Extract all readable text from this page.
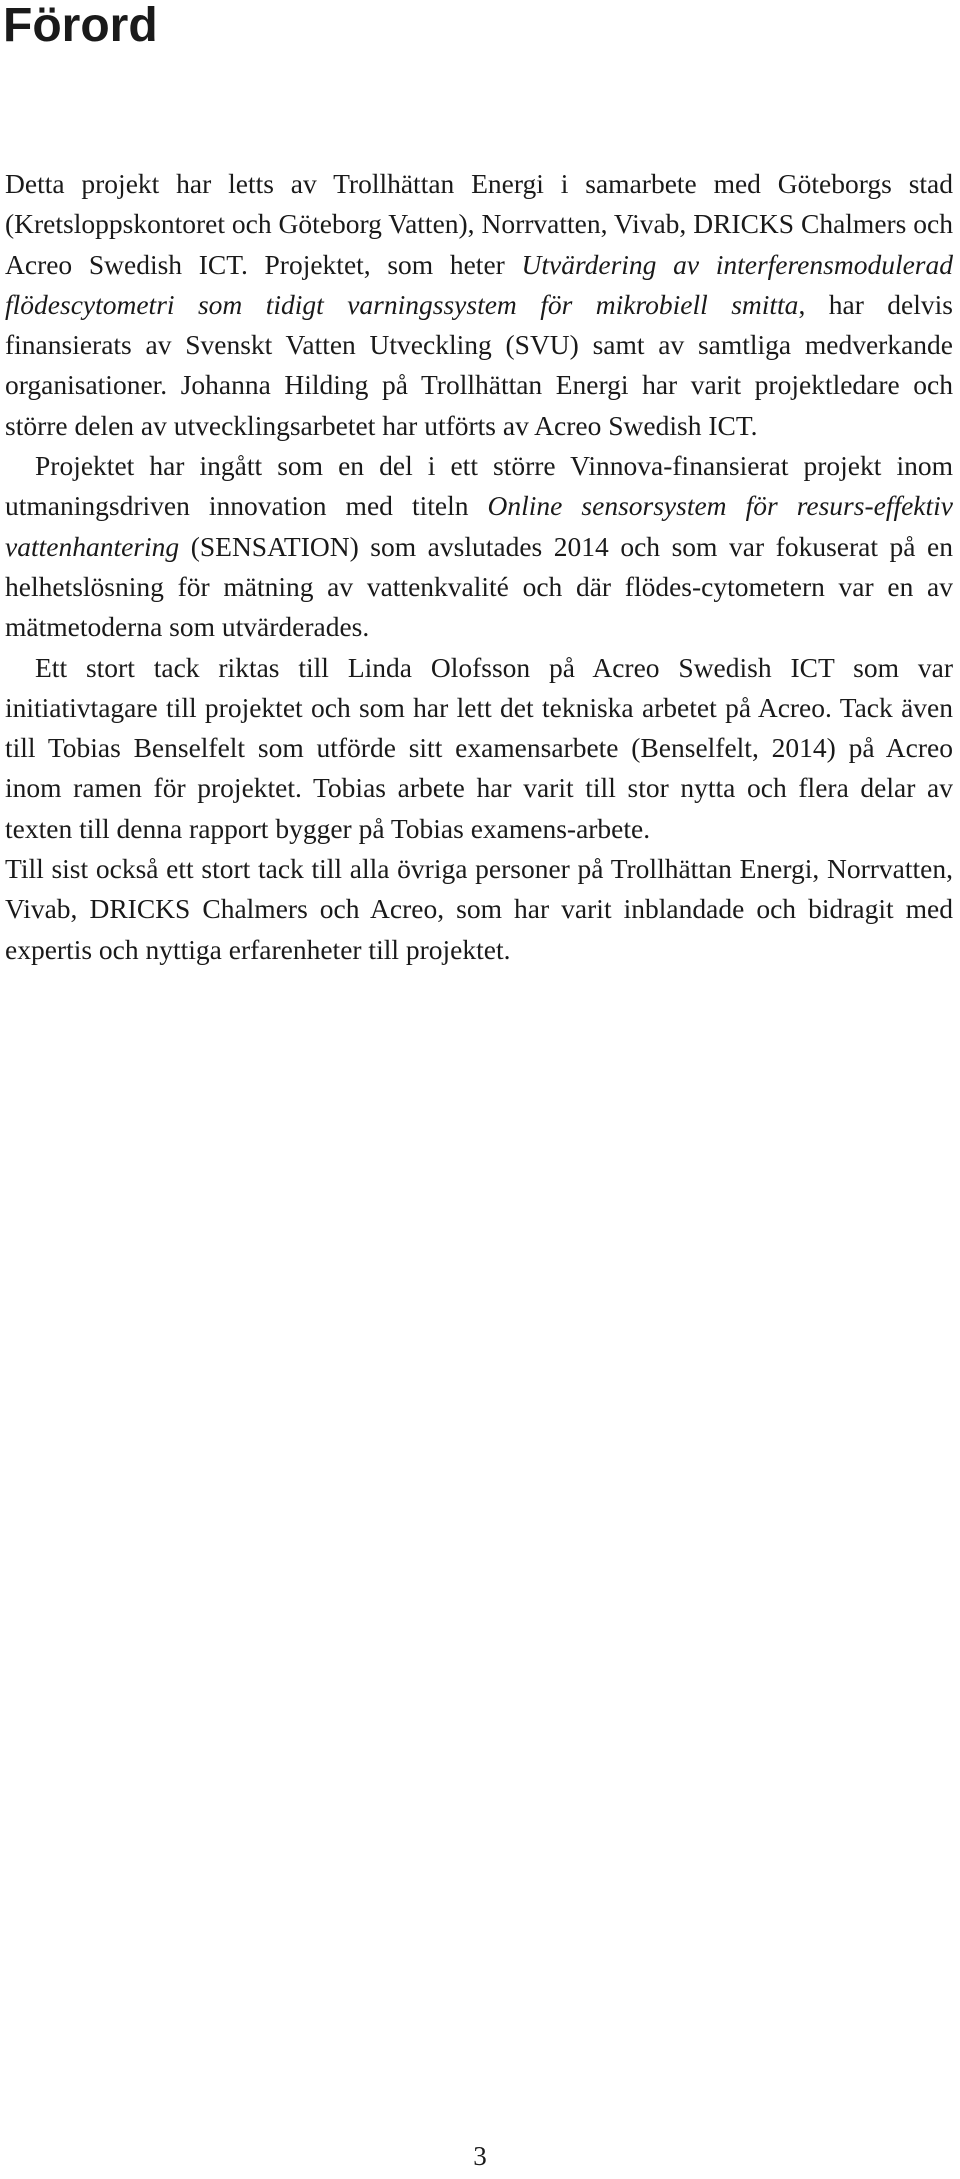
Förord

Detta projekt har letts av Trollhättan Energi i samarbete med Göteborgs stad (Kretsloppskontoret och Göteborg Vatten), Norrvatten, Vivab, DRICKS Chalmers och Acreo Swedish ICT. Projektet, som heter Utvärdering av interferensmodulerad flödescytometri som tidigt varningssystem för mikrobiell smitta, har delvis finansierats av Svenskt Vatten Utveckling (SVU) samt av samtliga medverkande organisationer. Johanna Hilding på Trollhättan Energi har varit projektledare och större delen av utvecklingsarbetet har utförts av Acreo Swedish ICT.

Projektet har ingått som en del i ett större Vinnova-finansierat projekt inom utmaningsdriven innovation med titeln Online sensorsystem för resurs-effektiv vattenhantering (SENSATION) som avslutades 2014 och som var fokuserat på en helhetslösning för mätning av vattenkvalité och där flödes-cytometern var en av mätmetoderna som utvärderades.

Ett stort tack riktas till Linda Olofsson på Acreo Swedish ICT som var initiativtagare till projektet och som har lett det tekniska arbetet på Acreo. Tack även till Tobias Benselfelt som utförde sitt examensarbete (Benselfelt, 2014) på Acreo inom ramen för projektet. Tobias arbete har varit till stor nytta och flera delar av texten till denna rapport bygger på Tobias examens-arbete.

Till sist också ett stort tack till alla övriga personer på Trollhättan Energi, Norrvatten, Vivab, DRICKS Chalmers och Acreo, som har varit inblandade och bidragit med expertis och nyttiga erfarenheter till projektet.

3
